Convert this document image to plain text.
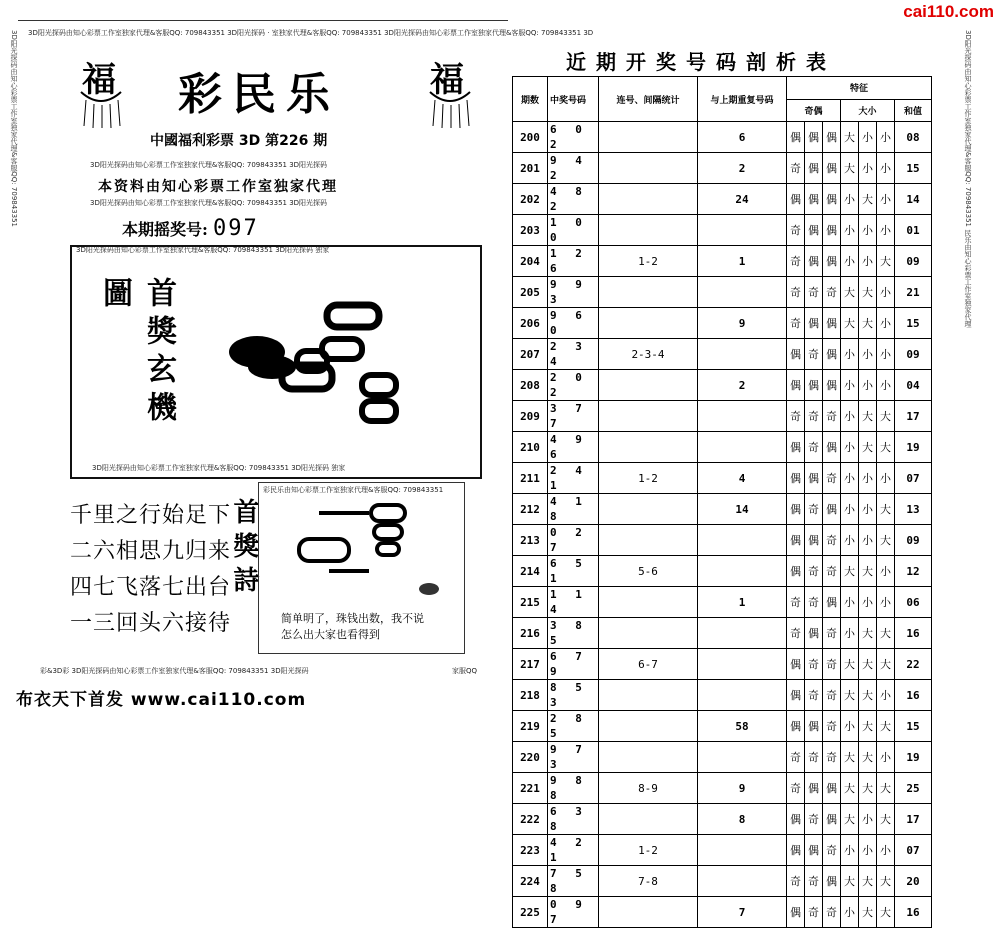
cai110.com
3D阳光探码由知心彩票工作室独家代理&客服QQ: 709843351 3D阳光探码 · 室独家代理&客服QQ: 709843351 3D阳光探码由知心彩票工作室独家代理&客服QQ: 709843351 3D
3D阳光探码由知心彩票工作室独家代理&客服QQ: 709843351	3D阳光探码由知心彩票工作室独家代理&客服QQ: 709843351 民乐由知心彩票工作室独家代理
福	福
彩民乐
中國福利彩票 3D 第226 期
3D阳光探码由知心彩票工作室独家代理&客服QQ: 709843351 3D阳光探码
本资料由知心彩票工作室独家代理
3D阳光探码由知心彩票工作室独家代理&客服QQ: 709843351 3D阳光探码
本期摇奖号: 097
3D阳光探码由知心彩票工作室独家代理&客服QQ: 709843351 3D阳光探码 独家
首獎玄機圖
3D阳光探码由知心彩票工作室独家代理&客服QQ: 709843351 3D阳光探码 独家
千里之行始足下
二六相思九归来
四七飞落七出台
一三回头六接待
首獎詩
彩民乐由知心彩票工作室独家代理&客服QQ: 709843351
简单明了，珠钱出数，我不说
怎么出大家也看得到
彩&3D彩 3D阳光探码由知心彩票工作室独家代理&客服QQ: 709843351 3D阳光探码	家服QQ
布衣天下首发 www.cai110.com
近期开奖号码剖析表
期数	中奖号码	连号、间隔统计	与上期重复号码	特征						
				奇偶			大小			和值
200	6 0 2		6	偶	偶	偶	大	小	小	08
201	9 4 2		2	奇	偶	偶	大	小	小	15
202	4 8 2		24	偶	偶	偶	小	大	小	14
203	1 0 0			奇	偶	偶	小	小	小	01
204	1 2 6	1-2	1	奇	偶	偶	小	小	大	09
205	9 9 3			奇	奇	奇	大	大	小	21
206	9 6 0		9	奇	偶	偶	大	大	小	15
207	2 3 4	2-3-4		偶	奇	偶	小	小	小	09
208	2 0 2		2	偶	偶	偶	小	小	小	04
209	3 7 7			奇	奇	奇	小	大	大	17
210	4 9 6			偶	奇	偶	小	大	大	19
211	2 4 1	1-2	4	偶	偶	奇	小	小	小	07
212	4 1 8		14	偶	奇	偶	小	小	大	13
213	0 2 7			偶	偶	奇	小	小	大	09
214	6 5 1	5-6		偶	奇	奇	大	大	小	12
215	1 1 4		1	奇	奇	偶	小	小	小	06
216	3 8 5			奇	偶	奇	小	大	大	16
217	6 7 9	6-7		偶	奇	奇	大	大	大	22
218	8 5 3			偶	奇	奇	大	大	小	16
219	2 8 5		58	偶	偶	奇	小	大	大	15
220	9 7 3			奇	奇	奇	大	大	小	19
221	9 8 8	8-9	9	奇	偶	偶	大	大	大	25
222	6 3 8		8	偶	奇	偶	大	小	大	17
223	4 2 1	1-2		偶	偶	奇	小	小	小	07
224	7 5 8	7-8		奇	奇	偶	大	大	大	20
225	0 9 7		7	偶	奇	奇	小	大	大	16
